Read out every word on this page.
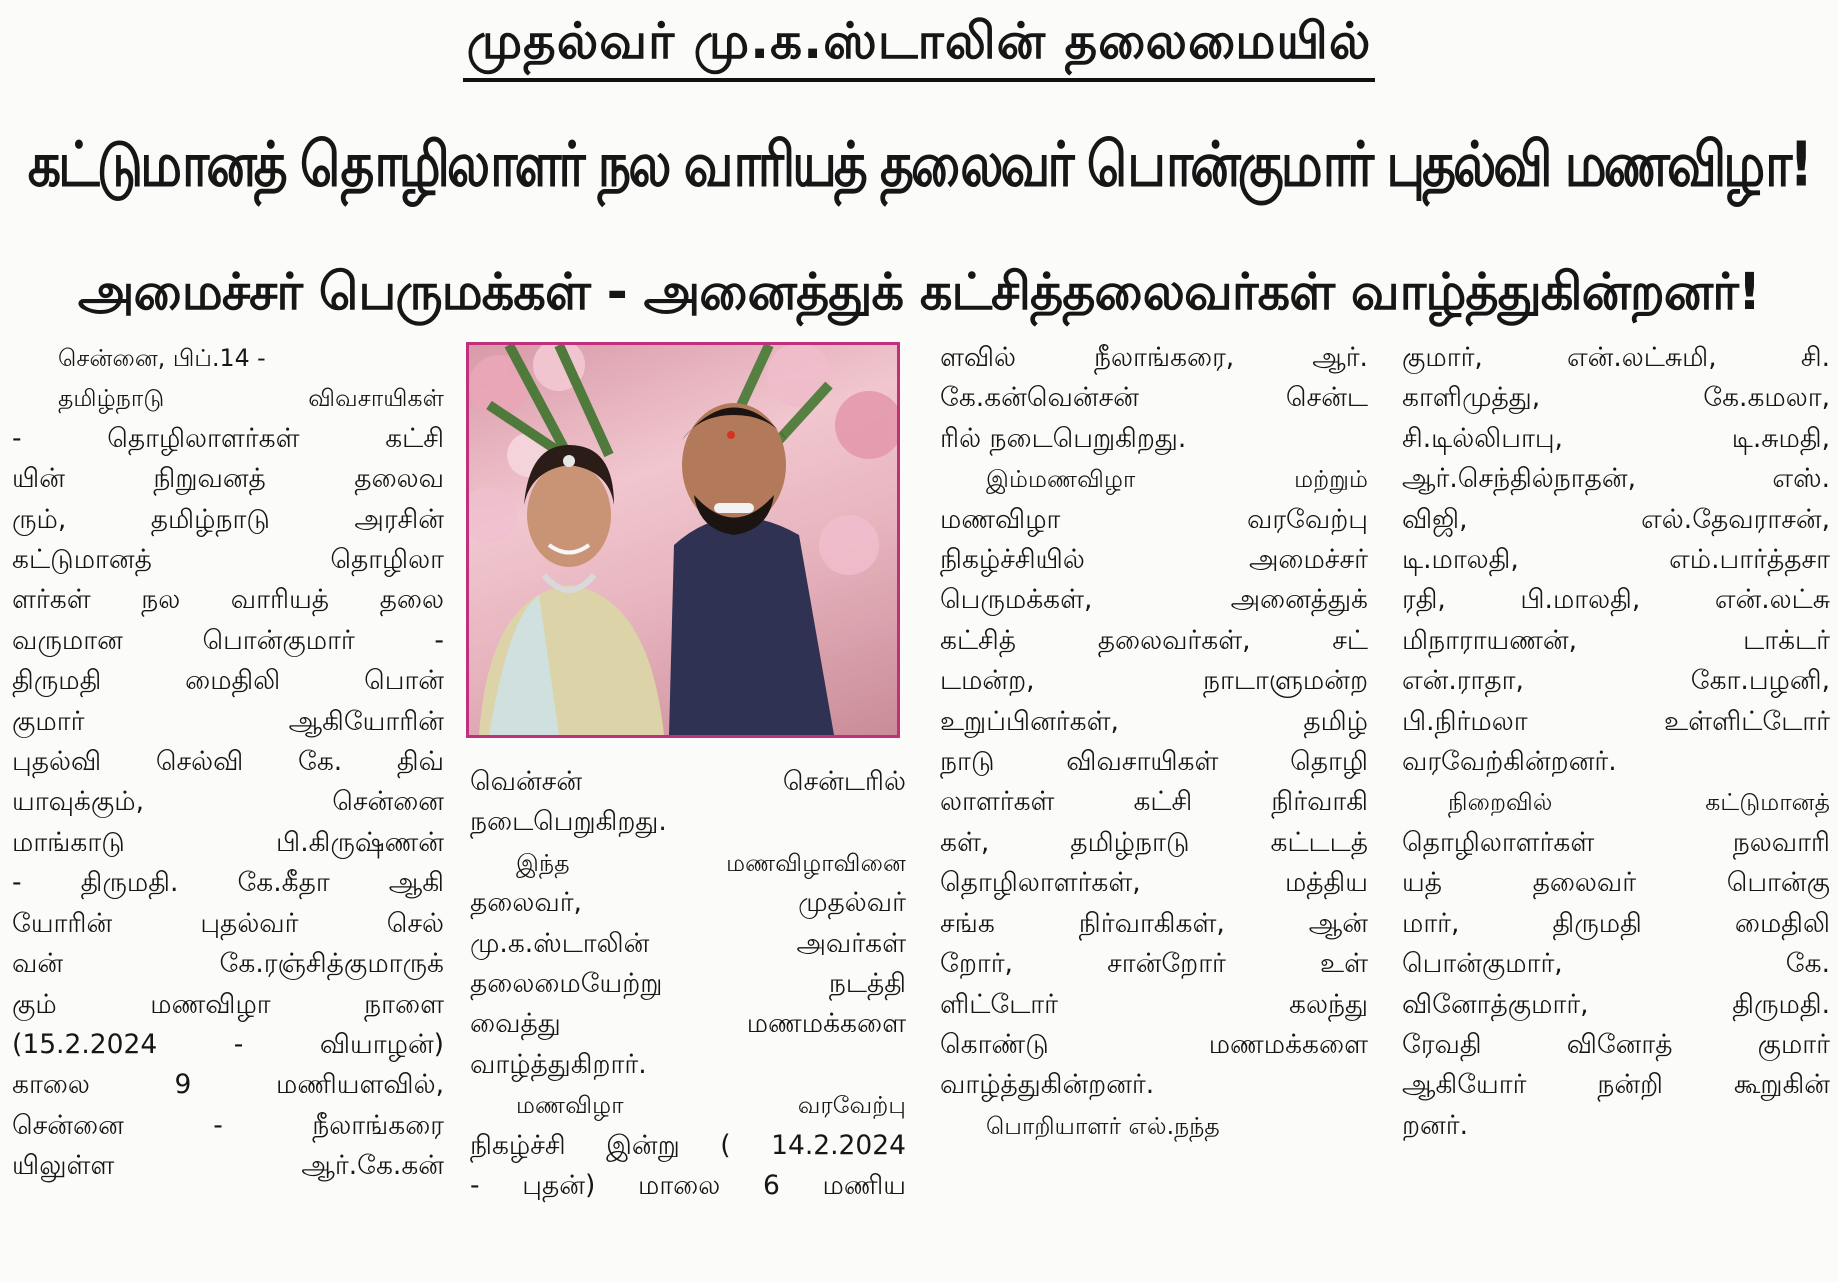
முதல்வர் மு.க.ஸ்டாலின் தலைமையில்
கட்டுமானத் தொழிலாளர் நல வாரியத் தலைவர் பொன்குமார் புதல்வி மணவிழா!
அமைச்சர் பெருமக்கள் - அனைத்துக் கட்சித்தலைவர்கள் வாழ்த்துகின்றனர்!
சென்னை, பிப்.14 -
தமிழ்நாடு விவசாயிகள்
- தொழிலாளர்கள் கட்சி
யின் நிறுவனத் தலைவ
ரும், தமிழ்நாடு அரசின்
கட்டுமானத் தொழிலா
ளர்கள் நல வாரியத் தலை
வருமான பொன்குமார் -
திருமதி மைதிலி பொன்
குமார் ஆகியோரின்
புதல்வி செல்வி கே. திவ்
யாவுக்கும், சென்னை
மாங்காடு பி.கிருஷ்ணன்
- திருமதி. கே.கீதா ஆகி
யோரின் புதல்வர் செல்
வன் கே.ரஞ்சித்குமாருக்
கும் மணவிழா நாளை
(15.2.2024 - வியாழன்)
காலை 9 மணியளவில்,
சென்னை - நீலாங்கரை
யிலுள்ள ஆர்.கே.கன்
வென்சன் சென்டரில்
நடைபெறுகிறது.
இந்த மணவிழாவினை
தலைவர், முதல்வர்
மு.க.ஸ்டாலின் அவர்கள்
தலைமையேற்று நடத்தி
வைத்து மணமக்களை
வாழ்த்துகிறார்.
மணவிழா வரவேற்பு
நிகழ்ச்சி இன்று ( 14.2.2024
- புதன்) மாலை 6 மணிய
ளவில் நீலாங்கரை, ஆர்.
கே.கன்வென்சன் சென்ட
ரில் நடைபெறுகிறது.
இம்மணவிழா மற்றும்
மணவிழா வரவேற்பு
நிகழ்ச்சியில் அமைச்சர்
பெருமக்கள், அனைத்துக்
கட்சித் தலைவர்கள், சட்
டமன்ற, நாடாளுமன்ற
உறுப்பினர்கள், தமிழ்
நாடு விவசாயிகள் தொழி
லாளர்கள் கட்சி நிர்வாகி
கள், தமிழ்நாடு கட்டடத்
தொழிலாளர்கள், மத்திய
சங்க நிர்வாகிகள், ஆன்
றோர், சான்றோர் உள்
ளிட்டோர் கலந்து
கொண்டு மணமக்களை
வாழ்த்துகின்றனர்.
பொறியாளர் எல்.நந்த
குமார், என்.லட்சுமி, சி.
காளிமுத்து, கே.கமலா,
சி.டில்லிபாபு, டி.சுமதி,
ஆர்.செந்தில்நாதன், எஸ்.
விஜி, எல்.தேவராசன்,
டி.மாலதி, எம்.பார்த்தசா
ரதி, பி.மாலதி, என்.லட்சு
மிநாராயணன், டாக்டர்
என்.ராதா, கோ.பழனி,
பி.நிர்மலா உள்ளிட்டோர்
வரவேற்கின்றனர்.
நிறைவில் கட்டுமானத்
தொழிலாளர்கள் நலவாரி
யத் தலைவர் பொன்கு
மார், திருமதி மைதிலி
பொன்குமார், கே.
வினோத்குமார், திருமதி.
ரேவதி வினோத் குமார்
ஆகியோர் நன்றி கூறுகின்
றனர்.
